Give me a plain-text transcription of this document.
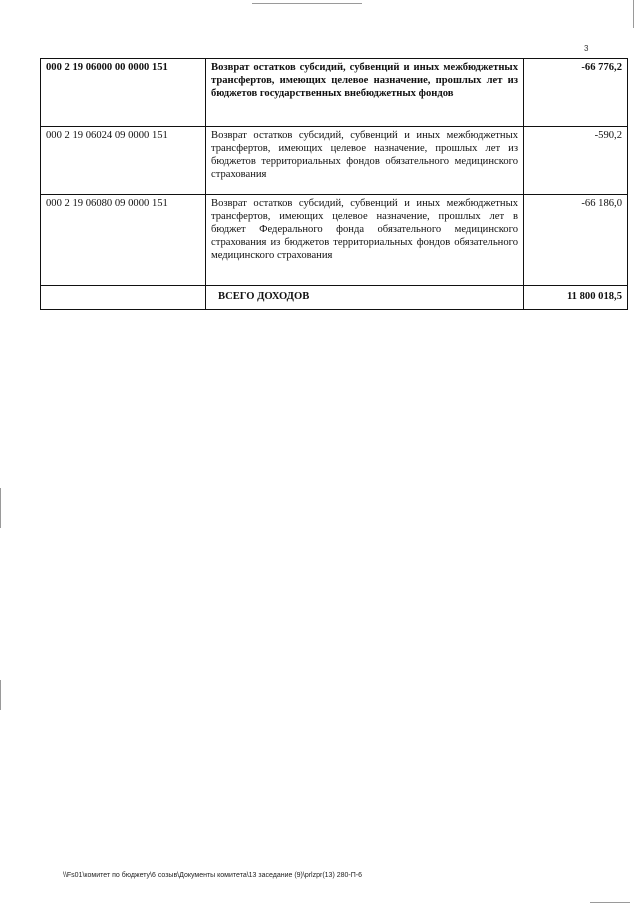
3
000 2 19 06000 00 0000 151	Возврат остатков субсидий, субвенций и иных межбюджетных трансфертов, имеющих целевое назначение, прошлых лет из бюджетов государственных внебюджетных фондов	-66 776,2
000 2 19 06024 09 0000 151	Возврат остатков субсидий, субвенций и иных межбюджетных трансфертов, имеющих целевое назначение, прошлых лет из бюджетов территориальных фондов обязательного медицинского страхования	-590,2
000 2 19 06080 09 0000 151	Возврат остатков субсидий, субвенций и иных межбюджетных трансфертов, имеющих целевое назначение, прошлых лет в бюджет Федерального фонда обязательного медицинского страхования из бюджетов территориальных фондов обязательного медицинского страхования	-66 186,0
	ВСЕГО ДОХОДОВ	11 800 018,5
\\Fs01\комитет по бюджету\6 созыв\Документы комитета\13 заседание (9)\prlzpr(13) 280-П-6
